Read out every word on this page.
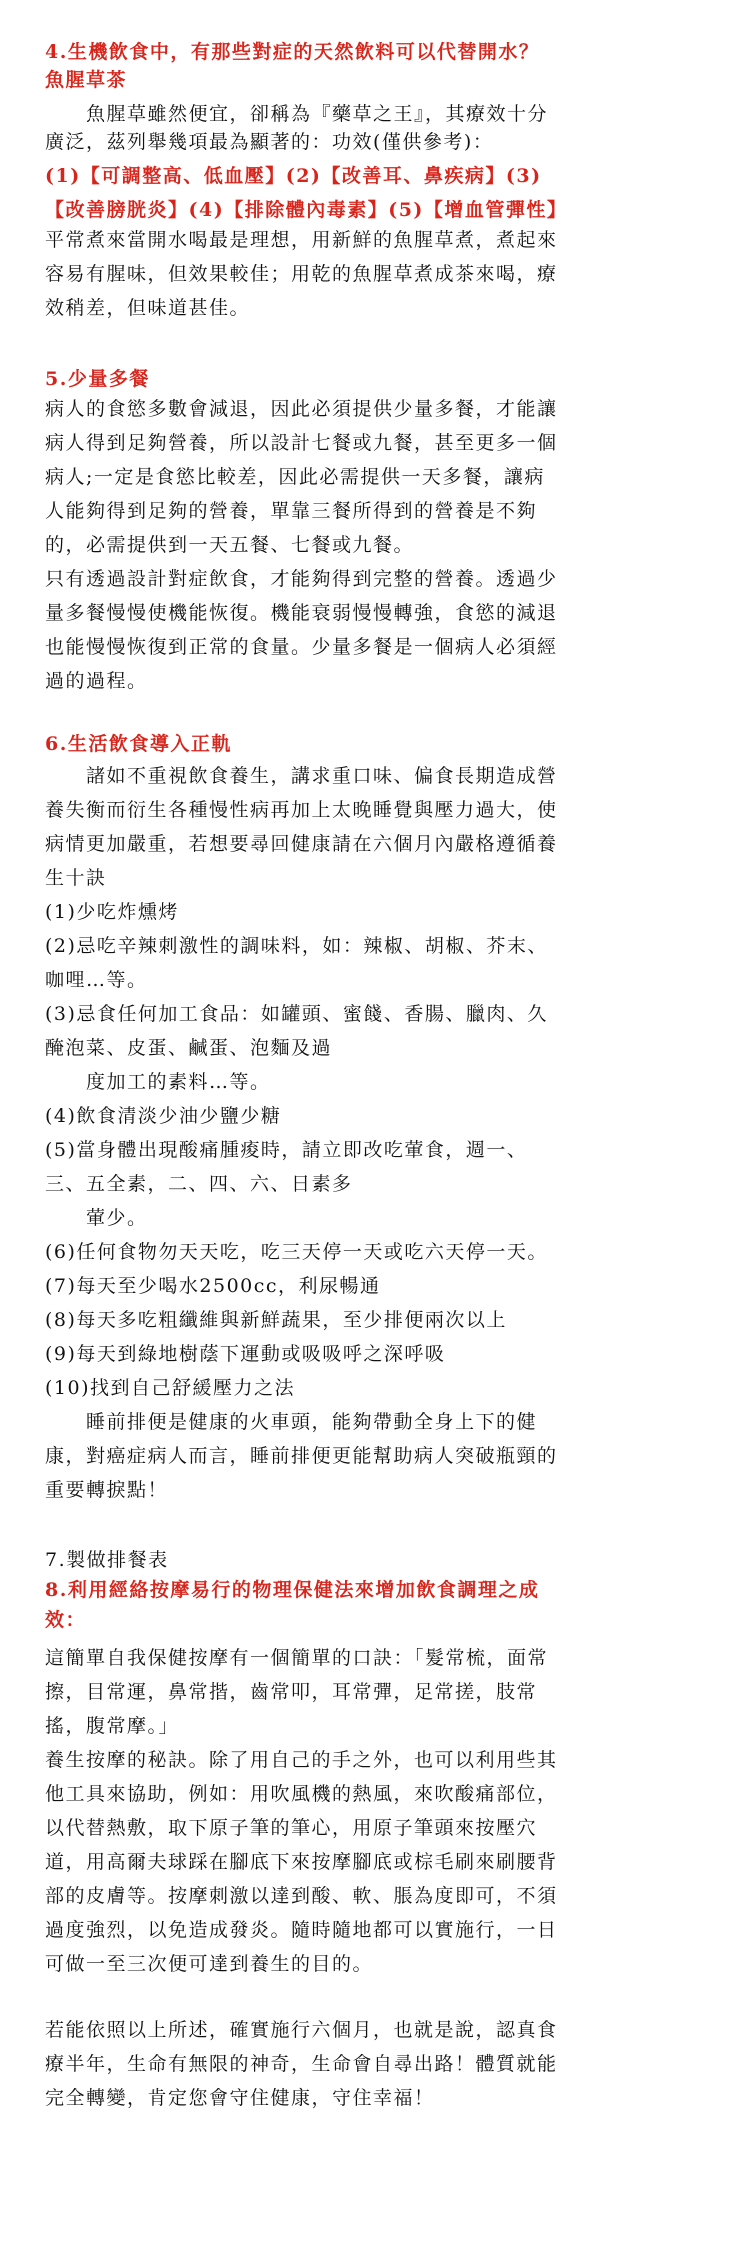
4.生機飲食中，有那些對症的天然飲料可以代替開水？
魚腥草茶
　　魚腥草雖然便宜，卻稱為『藥草之王』，其療效十分
廣泛，茲列舉幾項最為顯著的：功效(僅供參考)：
(1)【可調整高、低血壓】(2)【改善耳、鼻疾病】(3)
【改善膀胱炎】(4)【排除體內毒素】(5)【增血管彈性】
平常煮來當開水喝最是理想，用新鮮的魚腥草煮，煮起來
容易有腥味，但效果較佳；用乾的魚腥草煮成茶來喝，療
效稍差，但味道甚佳。
5.少量多餐
病人的食慾多數會減退，因此必須提供少量多餐，才能讓
病人得到足夠營養，所以設計七餐或九餐，甚至更多一個
病人;一定是食慾比較差，因此必需提供一天多餐，讓病
人能夠得到足夠的營養，單靠三餐所得到的營養是不夠
的，必需提供到一天五餐、七餐或九餐。
只有透過設計對症飲食，才能夠得到完整的營養。透過少
量多餐慢慢使機能恢復。機能衰弱慢慢轉強，食慾的減退
也能慢慢恢復到正常的食量。少量多餐是一個病人必須經
過的過程。
6.生活飲食導入正軌
　　諸如不重視飲食養生，講求重口味、偏食長期造成營
養失衡而衍生各種慢性病再加上太晚睡覺與壓力過大，使
病情更加嚴重，若想要尋回健康請在六個月內嚴格遵循養
生十訣
(1)少吃炸燻烤
(2)忌吃辛辣刺激性的調味料，如：辣椒、胡椒、芥末、
咖哩…等。
(3)忌食任何加工食品：如罐頭、蜜餞、香腸、臘肉、久
醃泡菜、皮蛋、鹹蛋、泡麵及過
　　度加工的素料…等。
(4)飲食清淡少油少鹽少糖
(5)當身體出現酸痛腫痠時，請立即改吃葷食，週一、
三、五全素，二、四、六、日素多
　　葷少。
(6)任何食物勿天天吃，吃三天停一天或吃六天停一天。
(7)每天至少喝水2500cc，利尿暢通
(8)每天多吃粗纖維與新鮮蔬果，至少排便兩次以上
(9)每天到綠地樹蔭下運動或吸吸呼之深呼吸
(10)找到自己舒緩壓力之法
　　睡前排便是健康的火車頭，能夠帶動全身上下的健
康，對癌症病人而言，睡前排便更能幫助病人突破瓶頸的
重要轉捩點！
7.製做排餐表
8.利用經絡按摩易行的物理保健法來增加飲食調理之成
效：
這簡單自我保健按摩有一個簡單的口訣：「髮常梳，面常
擦，目常運，鼻常揩，齒常叩，耳常彈，足常搓，肢常
搖，腹常摩。」
養生按摩的秘訣。除了用自己的手之外，也可以利用些其
他工具來協助，例如：用吹風機的熱風，來吹酸痛部位，
以代替熱敷，取下原子筆的筆心，用原子筆頭來按壓穴
道，用高爾夫球踩在腳底下來按摩腳底或棕毛刷來刷腰背
部的皮膚等。按摩刺激以達到酸、軟、脹為度即可，不須
過度強烈，以免造成發炎。隨時隨地都可以實施行，一日
可做一至三次便可達到養生的目的。
若能依照以上所述，確實施行六個月，也就是說，認真食
療半年，生命有無限的神奇，生命會自尋出路！體質就能
完全轉變，肯定您會守住健康，守住幸福！
